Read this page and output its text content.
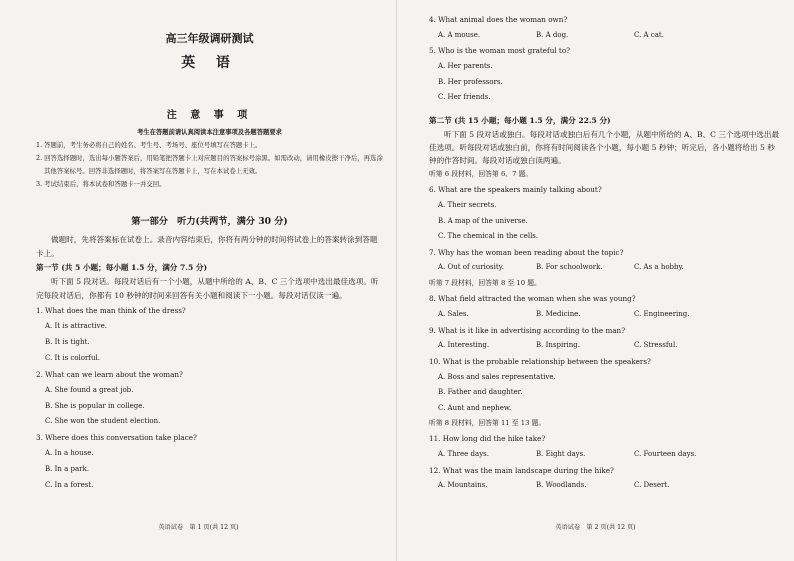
高三年级调研测试
英 语
注 意 事 项
考生在答题前请认真阅读本注意事项及各题答题要求
1. 答题前，考生务必将自己的姓名、考生号、考场号、座位号填写在答题卡上。
2. 回答选择题时，选出每小题答案后，用铅笔把答题卡上对应题目的答案标号涂黑。如需改动，请用橡皮擦干净后，再选涂其他答案标号。回答非选择题时，将答案写在答题卡上，写在本试卷上无效。
3. 考试结束后，将本试卷和答题卡一并交回。
第一部分　听力(共两节，满分 30 分)
做题时，先将答案标在试卷上。录音内容结束后，你将有两分钟的时间将试卷上的答案转涂到答题卡上。
第一节 (共 5 小题；每小题 1.5 分，满分 7.5 分)
听下面 5 段对话。每段对话后有一个小题，从题中所给的 A、B、C 三个选项中选出最佳选项。听完每段对话后，你都有 10 秒钟的时间来回答有关小题和阅读下一小题。每段对话仅读一遍。
1. What does the man think of the dress?
A. It is attractive.
B. It is tight.
C. It is colorful.
2. What can we learn about the woman?
A. She found a great job.
B. She is popular in college.
C. She won the student election.
3. Where does this conversation take place?
A. In a house.
B. In a park.
C. In a forest.
英语试卷　第 1 页(共 12 页)
4. What animal does the woman own?
A. A mouse.	B. A dog.	C. A cat.
5. Who is the woman most grateful to?
A. Her parents.
B. Her professors.
C. Her friends.
第二节 (共 15 小题；每小题 1.5 分，满分 22.5 分)
听下面 5 段对话或独白。每段对话或独白后有几个小题，从题中所给的 A、B、C 三个选项中选出最佳选项。听每段对话或独白前，你将有时间阅读各个小题，每小题 5 秒钟；听完后，各小题将给出 5 秒钟的作答时间。每段对话或独白读两遍。
听第 6 段材料，回答第 6、7 题。
6. What are the speakers mainly talking about?
A. Their secrets.
B. A map of the universe.
C. The chemical in the cells.
7. Why has the woman been reading about the topic?
A. Out of curiosity.	B. For schoolwork.	C. As a hobby.
听第 7 段材料，回答第 8 至 10 题。
8. What field attracted the woman when she was young?
A. Sales.	B. Medicine.	C. Engineering.
9. What is it like in advertising according to the man?
A. Interesting.	B. Inspiring.	C. Stressful.
10. What is the probable relationship between the speakers?
A. Boss and sales representative.
B. Father and daughter.
C. Aunt and nephew.
听第 8 段材料，回答第 11 至 13 题。
11. How long did the hike take?
A. Three days.	B. Eight days.	C. Fourteen days.
12. What was the main landscape during the hike?
A. Mountains.	B. Woodlands.	C. Desert.
英语试卷　第 2 页(共 12 页)
